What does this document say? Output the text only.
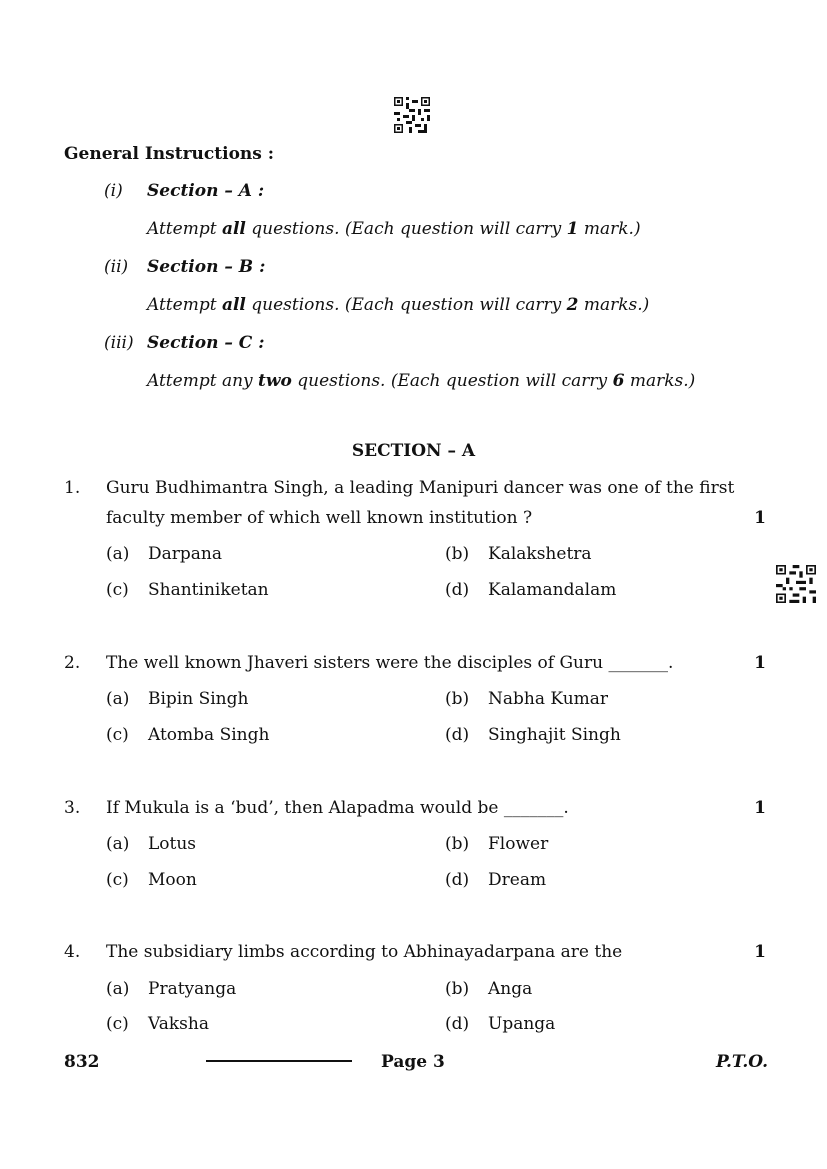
General Instructions :
(i) Section – A :
Attempt all questions. (Each question will carry 1 mark.)
(ii) Section – B :
Attempt all questions. (Each question will carry 2 marks.)
(iii) Section – C :
Attempt any two questions. (Each question will carry 6 marks.)
SECTION – A
1. Guru Budhimantra Singh, a leading Manipuri dancer was one of the first
faculty member of which well known institution ?	1
(a) Darpana	(b) Kalakshetra
(c) Shantiniketan	(d) Kalamandalam
2. The well known Jhaveri sisters were the disciples of Guru _______.	1
(a) Bipin Singh	(b) Nabha Kumar
(c) Atomba Singh	(d) Singhajit Singh
3. If Mukula is a ‘bud’, then Alapadma would be _______.	1
(a) Lotus	(b) Flower
(c) Moon	(d) Dream
4. The subsidiary limbs according to Abhinayadarpana are the	1
(a) Pratyanga	(b) Anga
(c) Vaksha	(d) Upanga
832	Page 3	P.T.O.
